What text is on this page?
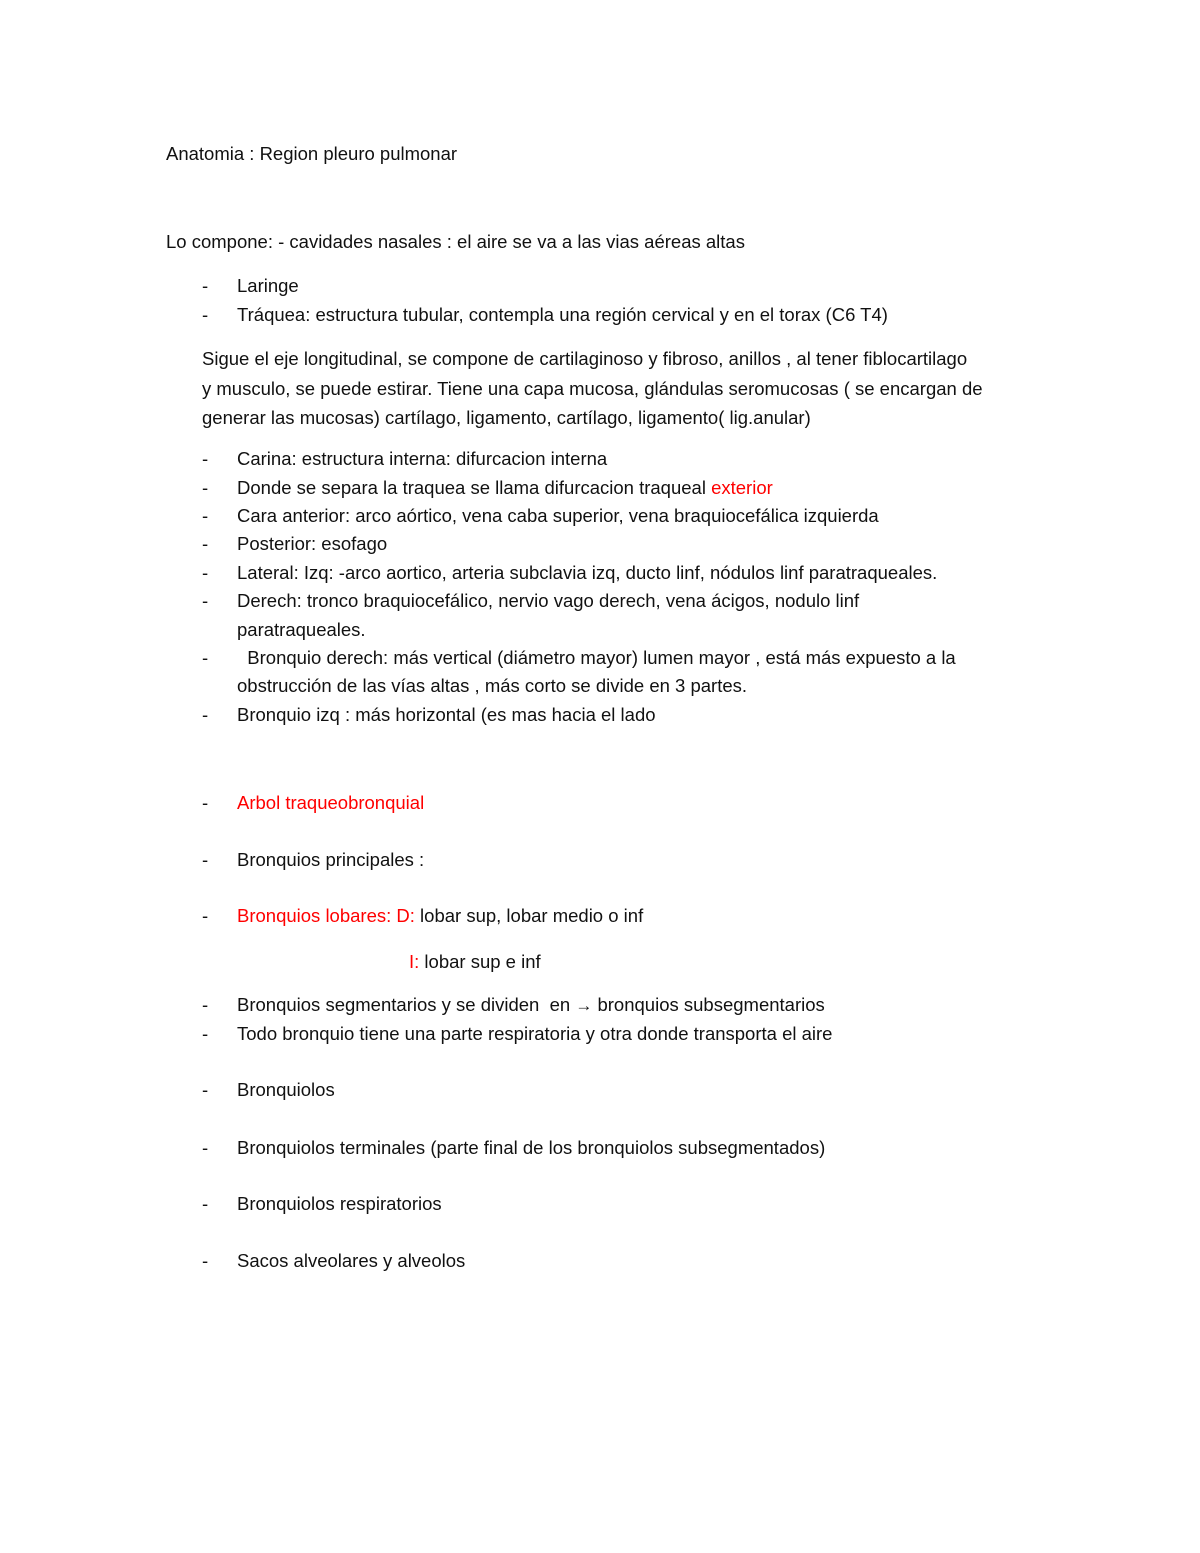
Anatomia : Region pleuro pulmonar
Lo compone: - cavidades nasales : el aire se va a las vias aéreas altas
- Laringe
- Tráquea: estructura tubular, contempla una región cervical y en el torax (C6 T4)
Sigue el eje longitudinal, se compone de cartilaginoso y fibroso, anillos , al tener fiblocartilago
y musculo, se puede estirar. Tiene una capa mucosa, glándulas seromucosas ( se encargan de
generar las mucosas) cartílago, ligamento, cartílago, ligamento( lig.anular)
- Carina: estructura interna: difurcacion interna
- Donde se separa la traquea se llama difurcacion traqueal exterior
- Cara anterior: arco aórtico, vena caba superior, vena braquiocefálica izquierda
- Posterior: esofago
- Lateral: Izq: -arco aortico, arteria subclavia izq, ducto linf, nódulos linf paratraqueales.
- Derech: tronco braquiocefálico, nervio vago derech, vena ácigos, nodulo linf
paratraqueales.
- Bronquio derech: más vertical (diámetro mayor) lumen mayor , está más expuesto a la
obstrucción de las vías altas , más corto se divide en 3 partes.
- Bronquio izq : más horizontal (es mas hacia el lado
- Arbol traqueobronquial
- Bronquios principales :
- Bronquios lobares: D: lobar sup, lobar medio o inf
I: lobar sup e inf
- Bronquios segmentarios y se dividen  en → bronquios subsegmentarios
- Todo bronquio tiene una parte respiratoria y otra donde transporta el aire
- Bronquiolos
- Bronquiolos terminales (parte final de los bronquiolos subsegmentados)
- Bronquiolos respiratorios
- Sacos alveolares y alveolos
